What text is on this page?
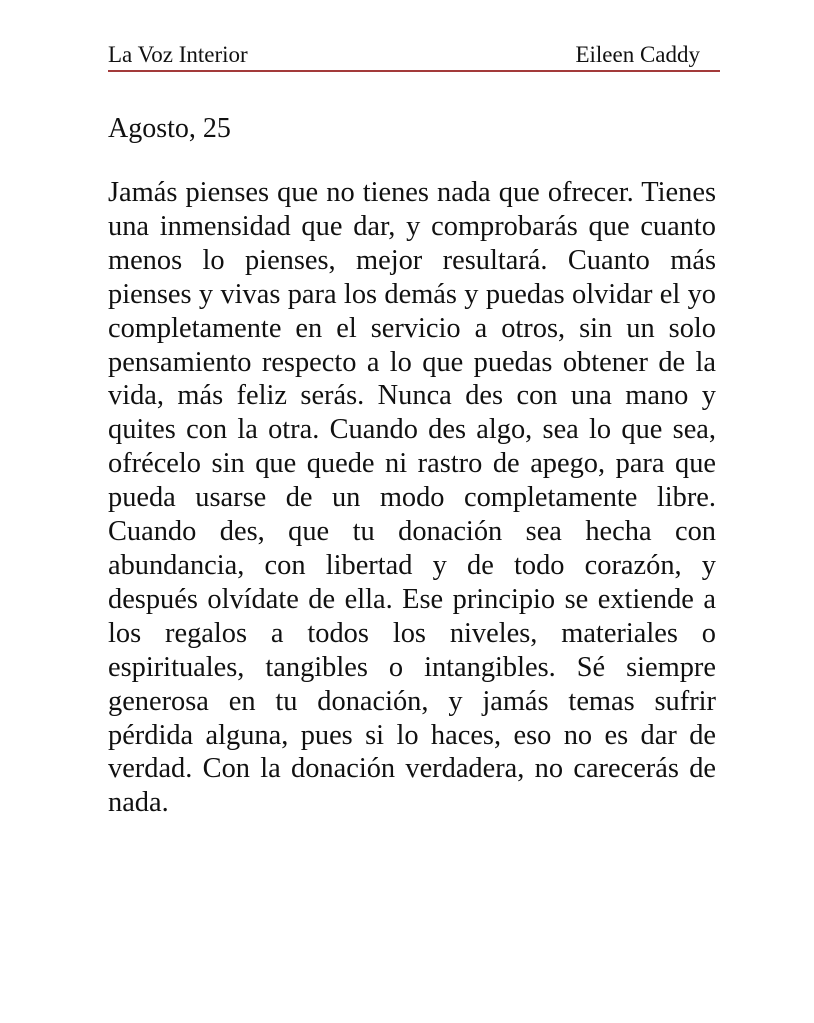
La Voz Interior	Eileen Caddy
Agosto, 25
Jamás pienses que no tienes nada que ofrecer. Tienes una inmensidad que dar, y comprobarás que cuanto menos lo pienses, mejor resultará. Cuanto más pienses y vivas para los demás y puedas olvidar el yo completamente en el servicio a otros, sin un solo pensamiento respecto a lo que puedas obtener de la vida, más feliz serás. Nunca des con una mano y quites con la otra. Cuando des algo, sea lo que sea, ofrécelo sin que quede ni rastro de apego, para que pueda usarse de un modo completamente libre. Cuando des, que tu donación sea hecha con abundancia, con libertad y de todo corazón, y después olvídate de ella. Ese principio se extiende a los regalos a todos los niveles, materiales o espirituales, tangibles o intangibles. Sé siempre generosa en tu donación, y jamás temas sufrir pérdida alguna, pues si lo haces, eso no es dar de verdad. Con la donación verdadera, no carecerás de nada.
